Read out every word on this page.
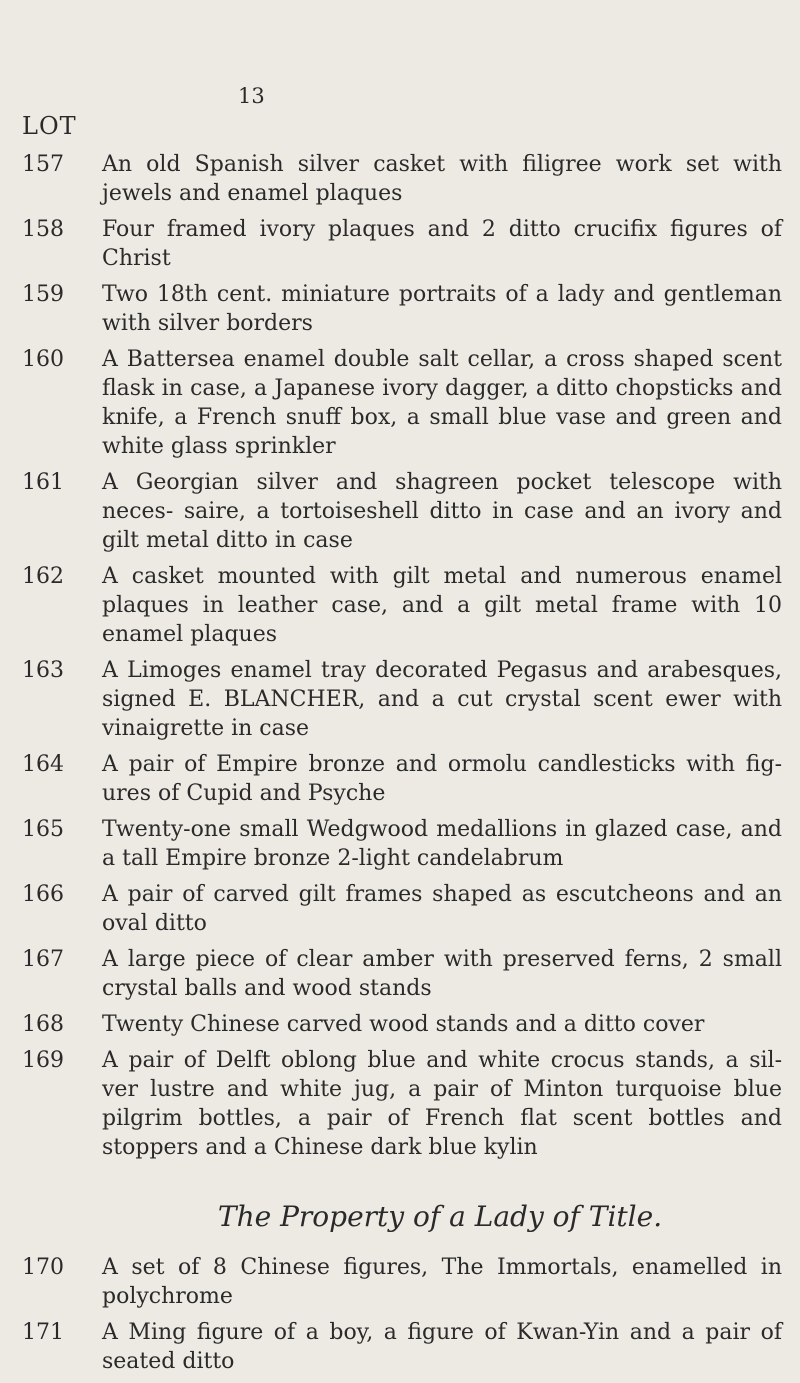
13
LOT
157	An old Spanish silver casket with filigree work set with jewels and enamel plaques
158	Four framed ivory plaques and 2 ditto crucifix figures of Christ
159	Two 18th cent. miniature portraits of a lady and gentleman with silver borders
160	A Battersea enamel double salt cellar, a cross shaped scent flask in case, a Japanese ivory dagger, a ditto chopsticks and knife, a French snuff box, a small blue vase and green and white glass sprinkler
161	A Georgian silver and shagreen pocket telescope with neces- saire, a tortoiseshell ditto in case and an ivory and gilt metal ditto in case
162	A casket mounted with gilt metal and numerous enamel plaques in leather case, and a gilt metal frame with 10 enamel plaques
163	A Limoges enamel tray decorated Pegasus and arabesques, signed E. BLANCHER, and a cut crystal scent ewer with vinaigrette in case
164	A pair of Empire bronze and ormolu candlesticks with fig- ures of Cupid and Psyche
165	Twenty-one small Wedgwood medallions in glazed case, and a tall Empire bronze 2-light candelabrum
166	A pair of carved gilt frames shaped as escutcheons and an oval ditto
167	A large piece of clear amber with preserved ferns, 2 small crystal balls and wood stands
168	Twenty Chinese carved wood stands and a ditto cover
169	A pair of Delft oblong blue and white crocus stands, a sil- ver lustre and white jug, a pair of Minton turquoise blue pilgrim bottles, a pair of French flat scent bottles and stoppers and a Chinese dark blue kylin
The Property of a Lady of Title.
170	A set of 8 Chinese figures, The Immortals, enamelled in polychrome
171	A Ming figure of a boy, a figure of Kwan-Yin and a pair of seated ditto
